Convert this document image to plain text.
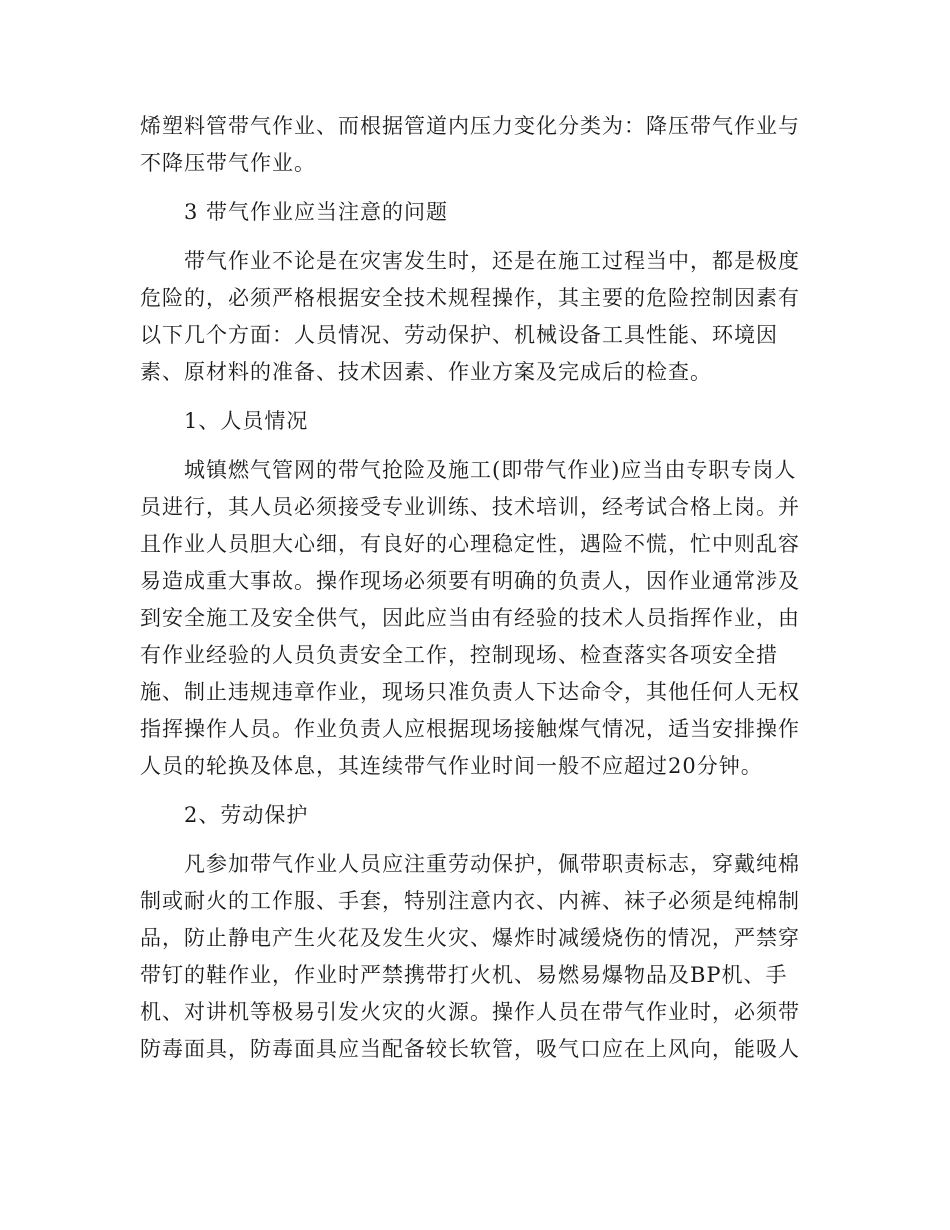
烯塑料管带气作业、而根据管道内压力变化分类为：降压带气作业与不降压带气作业。

3 带气作业应当注意的问题

带气作业不论是在灾害发生时，还是在施工过程当中，都是极度危险的，必须严格根据安全技术规程操作，其主要的危险控制因素有以下几个方面：人员情况、劳动保护、机械设备工具性能、环境因素、原材料的准备、技术因素、作业方案及完成后的检查。

1、人员情况

城镇燃气管网的带气抢险及施工(即带气作业)应当由专职专岗人员进行，其人员必须接受专业训练、技术培训，经考试合格上岗。并且作业人员胆大心细，有良好的心理稳定性，遇险不慌，忙中则乱容易造成重大事故。操作现场必须要有明确的负责人，因作业通常涉及到安全施工及安全供气，因此应当由有经验的技术人员指挥作业，由有作业经验的人员负责安全工作，控制现场、检查落实各项安全措施、制止违规违章作业，现场只准负责人下达命令，其他任何人无权指挥操作人员。作业负责人应根据现场接触煤气情况，适当安排操作人员的轮换及体息，其连续带气作业时间一般不应超过20分钟。

2、劳动保护

凡参加带气作业人员应注重劳动保护，佩带职责标志，穿戴纯棉制或耐火的工作服、手套，特别注意内衣、内裤、袜子必须是纯棉制品，防止静电产生火花及发生火灾、爆炸时减缓烧伤的情况，严禁穿带钉的鞋作业，作业时严禁携带打火机、易燃易爆物品及BP机、手机、对讲机等极易引发火灾的火源。操作人员在带气作业时，必须带防毒面具，防毒面具应当配备较长软管，吸气口应在上风向，能吸人
